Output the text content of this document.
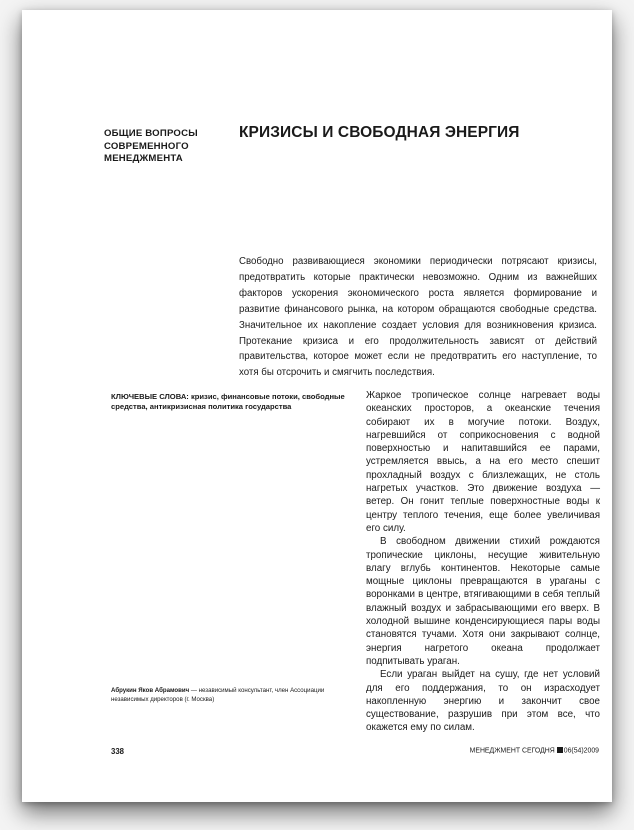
ОБЩИЕ ВОПРОСЫ
СОВРЕМЕННОГО
МЕНЕДЖМЕНТА
КРИЗИСЫ И СВОБОДНАЯ ЭНЕРГИЯ
Свободно развивающиеся экономики периодически потрясают кризисы, предотвратить которые практически невозможно. Одним из важнейших факторов ускорения экономического роста является формирование и развитие финансового рынка, на котором обращаются свободные средства. Значительное их накопление создает условия для возникновения кризиса. Протекание кризиса и его продолжительность зависят от действий правительства, которое может если не предотвратить его наступление, то хотя бы отсрочить и смягчить последствия.
КЛЮЧЕВЫЕ СЛОВА: кризис, финансовые потоки, свободные средства, антикризисная политика государства

Жаркое тропическое солнце нагревает воды океанских просторов, а океанские течения собирают их в могучие потоки. Воздух, нагревшийся от соприкосновения с водной поверхностью и напитавшийся ее парами, устремляется ввысь, а на его место спешит прохладный воздух с близлежащих, не столь нагретых участков. Это движение воздуха — ветер. Он гонит теплые поверхностные воды к центру теплого течения, еще более увеличивая его силу.

В свободном движении стихий рождаются тропические циклоны, несущие живительную влагу вглубь континентов. Некоторые самые мощные циклоны превращаются в ураганы с воронками в центре, втягивающими в себя теплый влажный воздух и забрасывающими его вверх. В холодной вышине конденсирующиеся пары воды становятся тучами. Хотя они закрывают солнце, энергия нагретого океана продолжает подпитывать ураган.

Если ураган выйдет на сушу, где нет условий для его поддержания, то он израсходует накопленную энергию и закончит свое существование, разрушив при этом все, что окажется ему по силам.

Абрукин Яков Абрамович — независимый консультант, член Ассоциации независимых директоров (г. Москва)
338	МЕНЕДЖМЕНТ СЕГОДНЯ 06(54)2009
